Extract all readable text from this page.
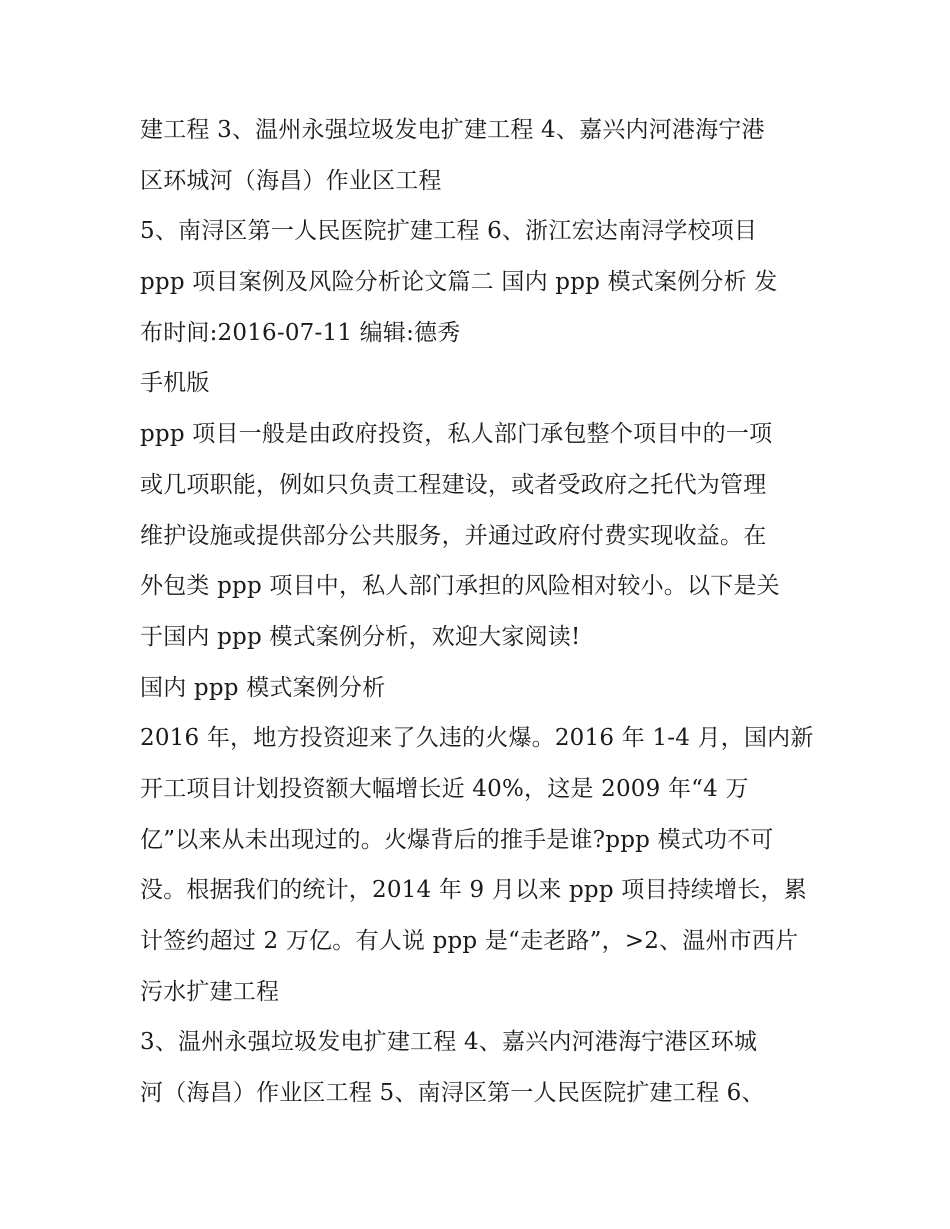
建工程 3、温州永强垃圾发电扩建工程 4、嘉兴内河港海宁港
区环城河（海昌）作业区工程
5、南浔区第一人民医院扩建工程 6、浙江宏达南浔学校项目
ppp 项目案例及风险分析论文篇二 国内 ppp 模式案例分析 发
布时间:2016-07-11 编辑:德秀
手机版
ppp 项目一般是由政府投资，私人部门承包整个项目中的一项
或几项职能，例如只负责工程建设，或者受政府之托代为管理
维护设施或提供部分公共服务，并通过政府付费实现收益。在
外包类 ppp 项目中，私人部门承担的风险相对较小。以下是关
于国内 ppp 模式案例分析，欢迎大家阅读!
国内 ppp 模式案例分析
2016 年，地方投资迎来了久违的火爆。2016 年 1-4 月，国内新
开工项目计划投资额大幅增长近 40%，这是 2009 年“4 万
亿”以来从未出现过的。火爆背后的推手是谁?ppp 模式功不可
没。根据我们的统计，2014 年 9 月以来 ppp 项目持续增长，累
计签约超过 2 万亿。有人说 ppp 是“走老路”，>2、温州市西片
污水扩建工程
3、温州永强垃圾发电扩建工程 4、嘉兴内河港海宁港区环城
河（海昌）作业区工程 5、南浔区第一人民医院扩建工程 6、
